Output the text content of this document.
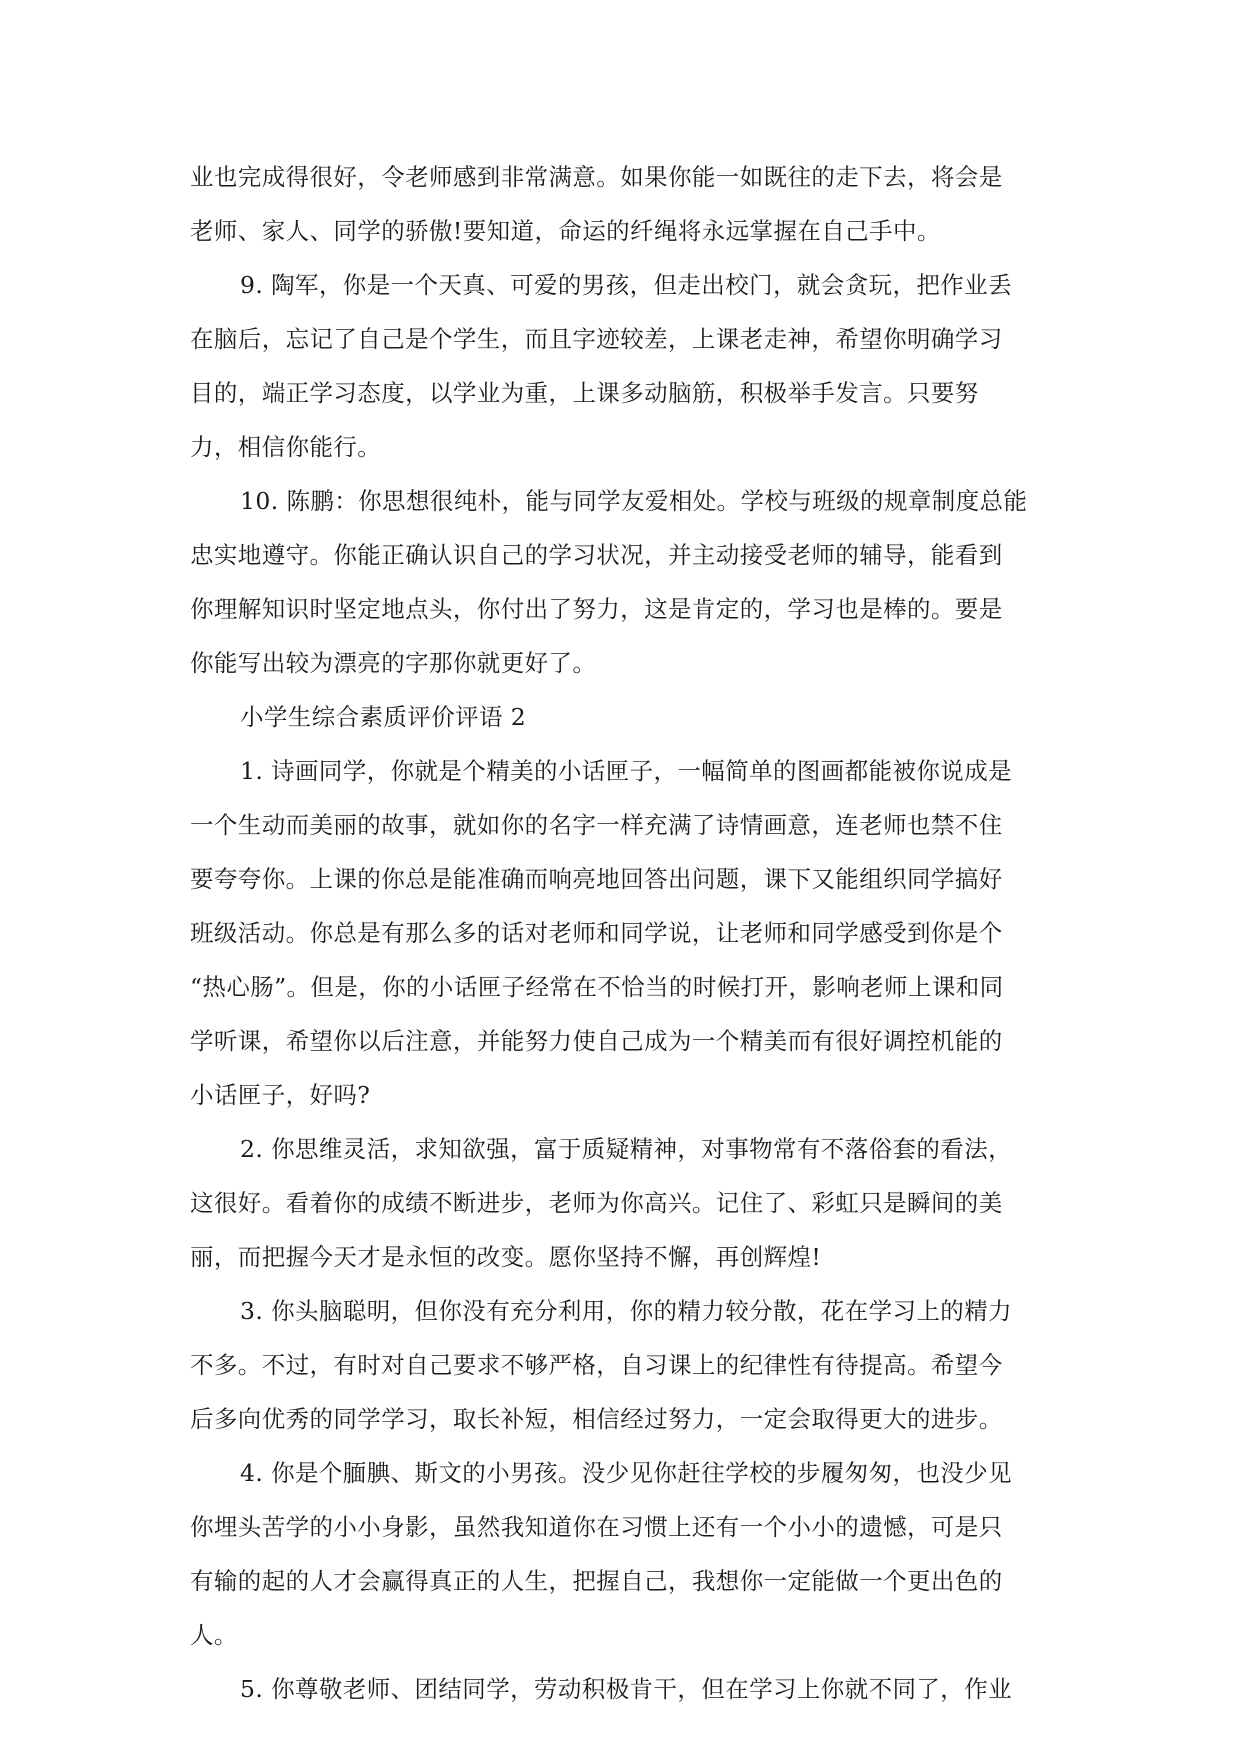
业也完成得很好，令老师感到非常满意。如果你能一如既往的走下去，将会是
老师、家人、同学的骄傲!要知道，命运的纤绳将永远掌握在自己手中。

9. 陶军，你是一个天真、可爱的男孩，但走出校门，就会贪玩，把作业丢
在脑后，忘记了自己是个学生，而且字迹较差，上课老走神，希望你明确学习
目的，端正学习态度，以学业为重，上课多动脑筋，积极举手发言。只要努
力，相信你能行。

10. 陈鹏：你思想很纯朴，能与同学友爱相处。学校与班级的规章制度总能
忠实地遵守。你能正确认识自己的学习状况，并主动接受老师的辅导，能看到
你理解知识时坚定地点头，你付出了努力，这是肯定的，学习也是棒的。要是
你能写出较为漂亮的字那你就更好了。

小学生综合素质评价评语 2

1. 诗画同学，你就是个精美的小话匣子，一幅简单的图画都能被你说成是
一个生动而美丽的故事，就如你的名字一样充满了诗情画意，连老师也禁不住
要夸夸你。上课的你总是能准确而响亮地回答出问题，课下又能组织同学搞好
班级活动。你总是有那么多的话对老师和同学说，让老师和同学感受到你是个
“热心肠”。但是，你的小话匣子经常在不恰当的时候打开，影响老师上课和同
学听课，希望你以后注意，并能努力使自己成为一个精美而有很好调控机能的
小话匣子，好吗?

2. 你思维灵活，求知欲强，富于质疑精神，对事物常有不落俗套的看法，
这很好。看着你的成绩不断进步，老师为你高兴。记住了、彩虹只是瞬间的美
丽，而把握今天才是永恒的改变。愿你坚持不懈，再创辉煌!

3. 你头脑聪明，但你没有充分利用，你的精力较分散，花在学习上的精力
不多。不过，有时对自己要求不够严格，自习课上的纪律性有待提高。希望今
后多向优秀的同学学习，取长补短，相信经过努力，一定会取得更大的进步。

4. 你是个腼腆、斯文的小男孩。没少见你赶往学校的步履匆匆，也没少见
你埋头苦学的小小身影，虽然我知道你在习惯上还有一个小小的遗憾，可是只
有输的起的人才会赢得真正的人生，把握自己，我想你一定能做一个更出色的
人。

5. 你尊敬老师、团结同学，劳动积极肯干，但在学习上你就不同了，作业
